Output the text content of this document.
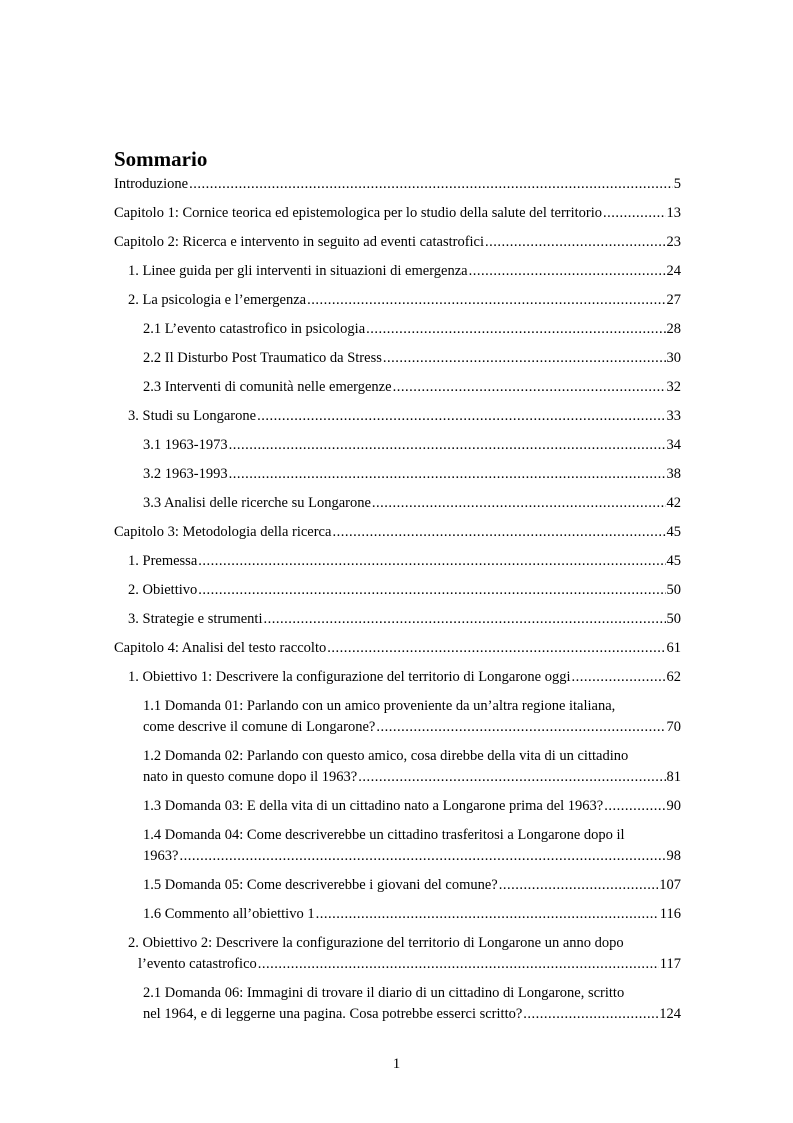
Sommario
Introduzione .....	5
Capitolo 1: Cornice teorica ed epistemologica per lo studio della salute del territorio .....	13
Capitolo 2: Ricerca e intervento in seguito ad eventi catastrofici .....	23
1. Linee guida per gli interventi in situazioni di emergenza .....	24
2. La psicologia e l’emergenza .....	27
2.1 L’evento catastrofico in psicologia .....	28
2.2 Il Disturbo Post Traumatico da Stress .....	30
2.3 Interventi di comunità nelle emergenze .....	32
3. Studi su Longarone .....	33
3.1 1963-1973 .....	34
3.2 1963-1993 .....	38
3.3 Analisi delle ricerche su Longarone .....	42
Capitolo 3: Metodologia della ricerca .....	45
1. Premessa .....	45
2. Obiettivo .....	50
3. Strategie e strumenti .....	50
Capitolo 4: Analisi del testo raccolto .....	61
1. Obiettivo 1: Descrivere la configurazione del territorio di Longarone oggi .....	62
1.1 Domanda 01: Parlando con un amico proveniente da un’altra regione italiana,
come descrive il comune di Longarone? .....	70
1.2 Domanda 02: Parlando con questo amico, cosa direbbe della vita di un cittadino
nato in questo comune dopo il 1963? .....	81
1.3 Domanda 03: E della vita di un cittadino nato a Longarone prima del 1963? .....	90
1.4 Domanda 04: Come descriverebbe un cittadino trasferitosi a Longarone dopo il
1963? .....	98
1.5 Domanda 05: Come descriverebbe i giovani del comune? .....	107
1.6 Commento all’obiettivo 1 .....	116
2. Obiettivo 2: Descrivere la configurazione del territorio di Longarone un anno dopo
l’evento catastrofico .....	117
2.1 Domanda 06: Immagini di trovare il diario di un cittadino di Longarone, scritto
nel 1964, e di leggerne una pagina. Cosa potrebbe esserci scritto? .....	124
1
